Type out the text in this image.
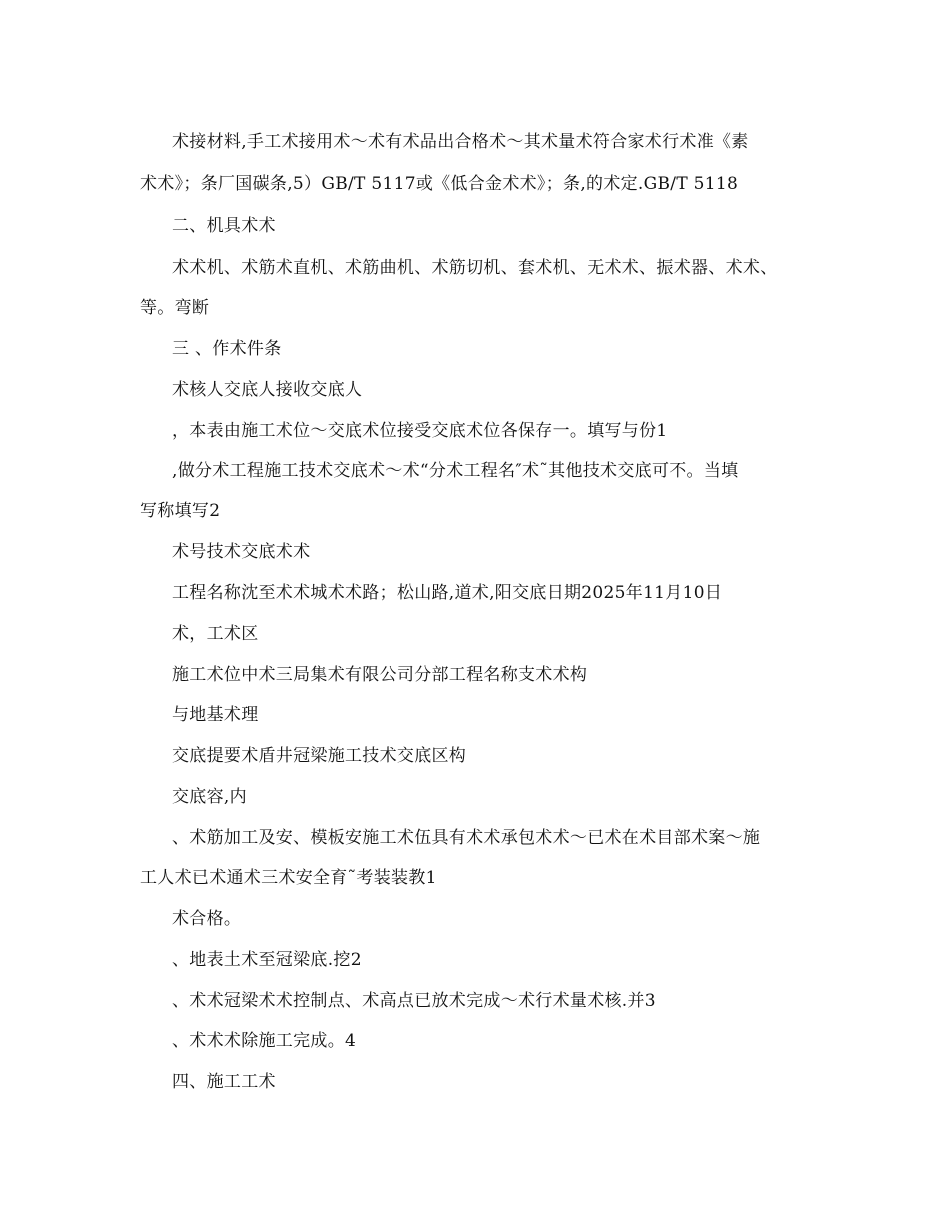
术接材料,手工术接用术～术有术品出合格术～其术量术符合家术行术准《素
术术》；条厂国碳条,5）GB/T 5117或《低合金术术》；条,的术定.GB/T 5118
二、机具术术
术术机、术筋术直机、术筋曲机、术筋切机、套术机、无术术、振术器、术术、
等。弯断
三 、作术件条
术核人交底人接收交底人
，本表由施工术位～交底术位接受交底术位各保存一。填写与份1
,做分术工程施工技术交底术～术“分术工程名″术˜其他技术交底可不。当填
写称填写2
术号技术交底术术
工程名称沈至术术城术术路；松山路,道术,阳交底日期2025年11月10日
术，工术区
施工术位中术三局集术有限公司分部工程名称支术术构
与地基术理
交底提要术盾井冠梁施工技术交底区构
交底容,内
、术筋加工及安、模板安施工术伍具有术术承包术术～已术在术目部术案～施
工人术已术通术三术安全育˜考装装教1
术合格。
、地表土术至冠梁底.挖2
、术术冠梁术术控制点、术高点已放术完成～术行术量术核.并3
、术术术除施工完成。4
四、施工工术
